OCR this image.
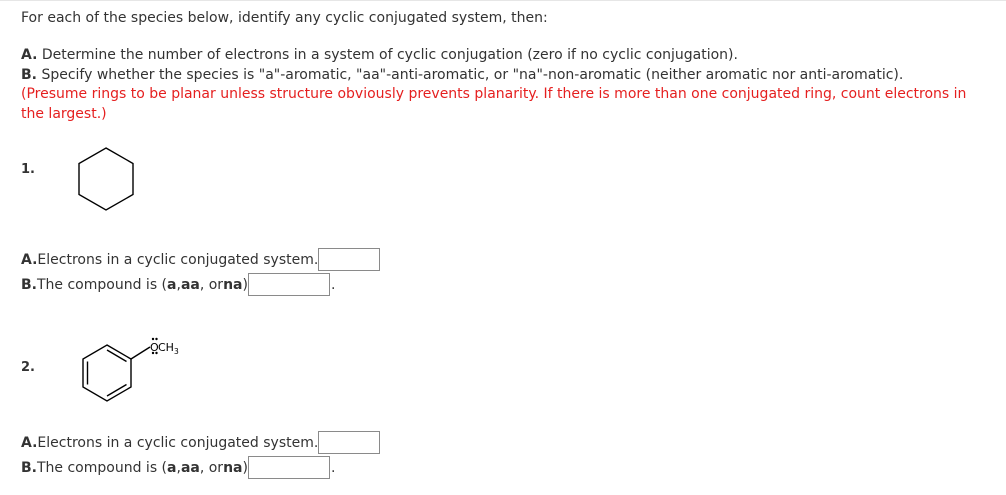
For each of the species below, identify any cyclic conjugated system, then:
A. Determine the number of electrons in a system of cyclic conjugation (zero if no cyclic conjugation).
B. Specify whether the species is "a"-aromatic, "aa"-anti-aromatic, or "na"-non-aromatic (neither aromatic nor anti-aromatic).
(Presume rings to be planar unless structure obviously prevents planarity. If there is more than one conjugated ring, count electrons in the largest.)
1.
A. Electrons in a cyclic conjugated system.
B. The compound is ( a , aa , or na )	.
2.
O CH 3
A. Electrons in a cyclic conjugated system.
B. The compound is ( a , aa , or na )	.
